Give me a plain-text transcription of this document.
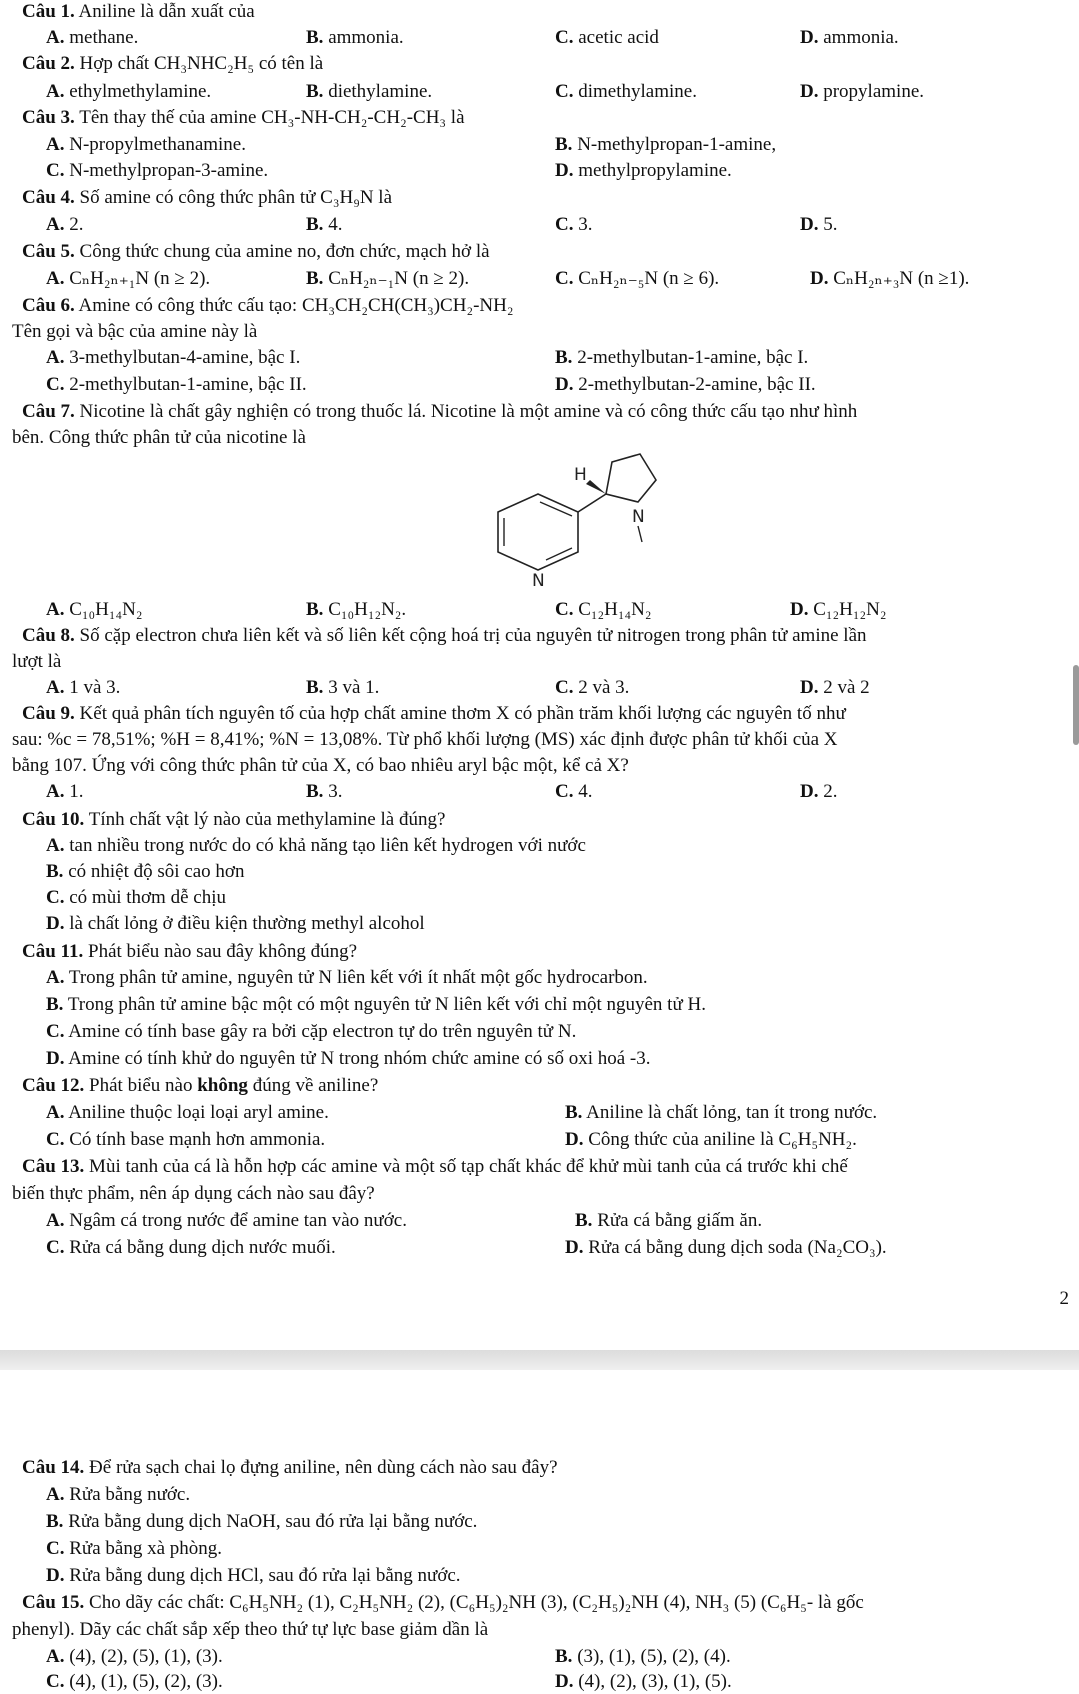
Câu 1. Aniline là dẫn xuất của
A. methane.	B. ammonia.	C. acetic acid	D. ammonia.
Câu 2. Hợp chất CH₃NHC₂H₅ có tên là
A. ethylmethylamine.	B. diethylamine.	C. dimethylamine.	D. propylamine.
Câu 3. Tên thay thế của amine CH₃-NH-CH₂-CH₂-CH₃ là
A. N-propylmethanamine.	B. N-methylpropan-1-amine,
C. N-methylpropan-3-amine.	D. methylpropylamine.
Câu 4. Số amine có công thức phân tử C₃H₉N là
A. 2.	B. 4.	C. 3.	D. 5.
Câu 5. Công thức chung của amine no, đơn chức, mạch hở là
A. CₙH₂ₙ₊₁N (n ≥ 2).	B. CₙH₂ₙ₋₁N (n ≥ 2).	C. CₙH₂ₙ₋₅N (n ≥ 6).	D. CₙH₂ₙ₊₃N (n ≥1).
Câu 6. Amine có công thức cấu tạo: CH₃CH₂CH(CH₃)CH₂-NH₂
Tên gọi và bậc của amine này là
A. 3-methylbutan-4-amine, bậc I.	B. 2-methylbutan-1-amine, bậc I.
C. 2-methylbutan-1-amine, bậc II.	D. 2-methylbutan-2-amine, bậc II.
Câu 7. Nicotine là chất gây nghiện có trong thuốc lá. Nicotine là một amine và có công thức cấu tạo như hình
bên. Công thức phân tử của nicotine là
N
N
H
A. C₁₀H₁₄N₂	B. C₁₀H₁₂N₂.	C. C₁₂H₁₄N₂	D. C₁₂H₁₂N₂
Câu 8. Số cặp electron chưa liên kết và số liên kết cộng hoá trị của nguyên tử nitrogen trong phân tử amine lần
lượt là
A. 1 và 3.	B. 3 và 1.	C. 2 và 3.	D. 2 và 2
Câu 9. Kết quả phân tích nguyên tố của hợp chất amine thơm X có phần trăm khối lượng các nguyên tố như
sau: %c = 78,51%; %H = 8,41%; %N = 13,08%. Từ phổ khối lượng (MS) xác định được phân tử khối của X
bằng 107. Ứng với công thức phân tử của X, có bao nhiêu aryl bậc một, kể cả X?
A. 1.	B. 3.	C. 4.	D. 2.
Câu 10. Tính chất vật lý nào của methylamine là đúng?
A. tan nhiều trong nước do có khả năng tạo liên kết hydrogen với nước
B. có nhiệt độ sôi cao hơn
C. có mùi thơm dễ chịu
D. là chất lỏng ở điều kiện thường methyl alcohol
Câu 11. Phát biểu nào sau đây không đúng?
A. Trong phân tử amine, nguyên tử N liên kết với ít nhất một gốc hydrocarbon.
B. Trong phân tử amine bậc một có một nguyên tử N liên kết với chỉ một nguyên tử H.
C. Amine có tính base gây ra bởi cặp electron tự do trên nguyên tử N.
D. Amine có tính khử do nguyên tử N trong nhóm chức amine có số oxi hoá -3.
Câu 12. Phát biểu nào không đúng về aniline?
A. Aniline thuộc loại loại aryl amine.	B. Aniline là chất lỏng, tan ít trong nước.
C. Có tính base mạnh hơn ammonia.	D. Công thức của aniline là C₆H₅NH₂.
Câu 13. Mùi tanh của cá là hỗn hợp các amine và một số tạp chất khác để khử mùi tanh của cá trước khi chế
biến thực phẩm, nên áp dụng cách nào sau đây?
A. Ngâm cá trong nước để amine tan vào nước.	B. Rửa cá bằng giấm ăn.
C. Rửa cá bằng dung dịch nước muối.	D. Rửa cá bằng dung dịch soda (Na₂CO₃).
2
Câu 14. Để rửa sạch chai lọ đựng aniline, nên dùng cách nào sau đây?
A. Rửa bằng nước.
B. Rửa bằng dung dịch NaOH, sau đó rửa lại bằng nước.
C. Rửa bằng xà phòng.
D. Rửa bằng dung dịch HCl, sau đó rửa lại bằng nước.
Câu 15. Cho dãy các chất: C₆H₅NH₂ (1), C₂H₅NH₂ (2), (C₆H₅)₂NH (3), (C₂H₅)₂NH (4), NH₃ (5) (C₆H₅- là gốc
phenyl). Dãy các chất sắp xếp theo thứ tự lực base giảm dần là
A. (4), (2), (5), (1), (3).	B. (3), (1), (5), (2), (4).
C. (4), (1), (5), (2), (3).	D. (4), (2), (3), (1), (5).
